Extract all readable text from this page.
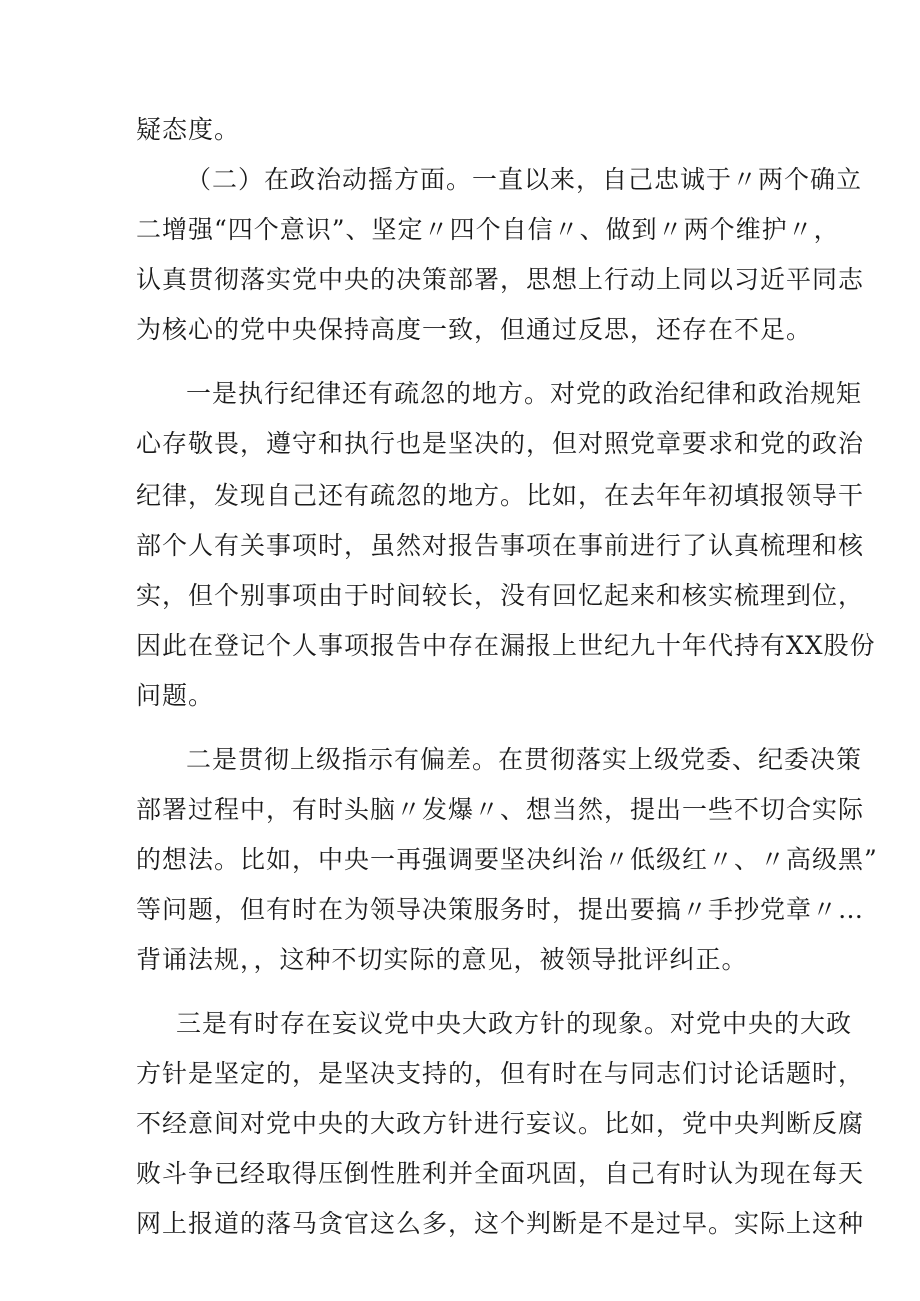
疑态度。

（二）在政治动摇方面。一直以来，自己忠诚于〃两个确立

二增强“四个意识”、坚定〃四个自信〃、做到〃两个维护〃，

认真贯彻落实党中央的决策部署，思想上行动上同以习近平同志

为核心的党中央保持高度一致，但通过反思，还存在不足。

一是执行纪律还有疏忽的地方。对党的政治纪律和政治规矩

心存敬畏，遵守和执行也是坚决的，但对照党章要求和党的政治

纪律，发现自己还有疏忽的地方。比如，在去年年初填报领导干

部个人有关事项时，虽然对报告事项在事前进行了认真梳理和核

实，但个别事项由于时间较长，没有回忆起来和核实梳理到位，

因此在登记个人事项报告中存在漏报上世纪九十年代持有XX股份

问题。

二是贯彻上级指示有偏差。在贯彻落实上级党委、纪委决策

部署过程中，有时头脑〃发爆〃、想当然，提出一些不切合实际

的想法。比如，中央一再强调要坚决纠治〃低级红〃、〃高级黑”

等问题，但有时在为领导决策服务时，提出要搞〃手抄党章〃…

背诵法规，，这种不切实际的意见，被领导批评纠正。

三是有时存在妄议党中央大政方针的现象。对党中央的大政

方针是坚定的，是坚决支持的，但有时在与同志们讨论话题时，

不经意间对党中央的大政方针进行妄议。比如，党中央判断反腐

败斗争已经取得压倒性胜利并全面巩固，自己有时认为现在每天

网上报道的落马贪官这么多，这个判断是不是过早。实际上这种
